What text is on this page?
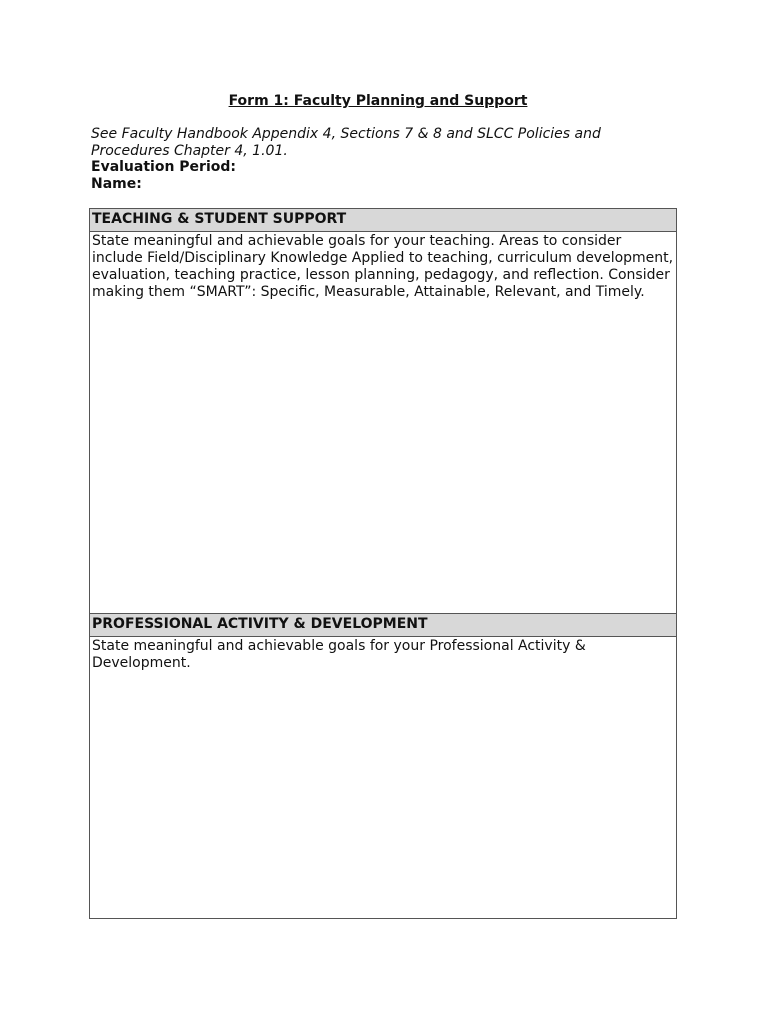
Form 1: Faculty Planning and Support
See Faculty Handbook Appendix 4, Sections 7 & 8 and SLCC Policies and Procedures Chapter 4, 1.01.
Evaluation Period:
Name:
TEACHING & STUDENT SUPPORT
State meaningful and achievable goals for your teaching. Areas to consider include Field/Disciplinary Knowledge Applied to teaching, curriculum development, evaluation, teaching practice, lesson planning, pedagogy, and reflection. Consider making them “SMART”: Specific, Measurable, Attainable, Relevant, and Timely.
PROFESSIONAL ACTIVITY & DEVELOPMENT
State meaningful and achievable goals for your Professional Activity & Development.
